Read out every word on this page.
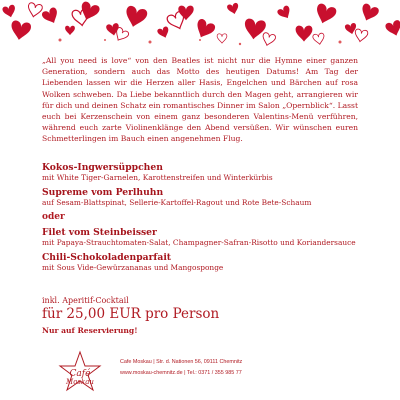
„All you need is love“ von den Beatles ist nicht nur die Hymne einer ganzen Generation, sondern auch das Motto des heutigen Datums! Am Tag der Liebenden lassen wir die Herzen aller Hasis, Engelchen und Bärchen auf rosa Wolken schweben. Da Liebe bekanntlich durch den Magen geht, arrangieren wir für dich und deinen Schatz ein romantisches Dinner im Salon „Opernblick“. Lasst euch bei Kerzenschein von einem ganz besonderen Valentins-Menü verführen, während euch zarte Violinenklänge den Abend versüßen. Wir wünschen euren Schmetterlingen im Bauch einen angenehmen Flug.

Kokos-Ingwersüppchen

mit White Tiger-Garnelen, Karottenstreifen und Winterkürbis

Supreme vom Perlhuhn

auf Sesam-Blattspinat, Sellerie-Kartoffel-Ragout und Rote Bete-Schaum

oder

Filet vom Steinbeisser

mit Papaya-Strauchtomaten-Salat, Champagner-Safran-Risotto und Koriandersauce

Chili-Schokoladenparfait

mit Sous Vide-Gewürzananas und Mangosponge

inkl. Aperitif-Cocktail

für 25,00 EUR pro Person

Nur auf Reservierung!

Café
Moskau
Cafe Moskau | Str. d. Nationen 56, 09111 Chemnitz
www.moskau-chemnitz.de | Tel.: 0371 / 355 985 77
